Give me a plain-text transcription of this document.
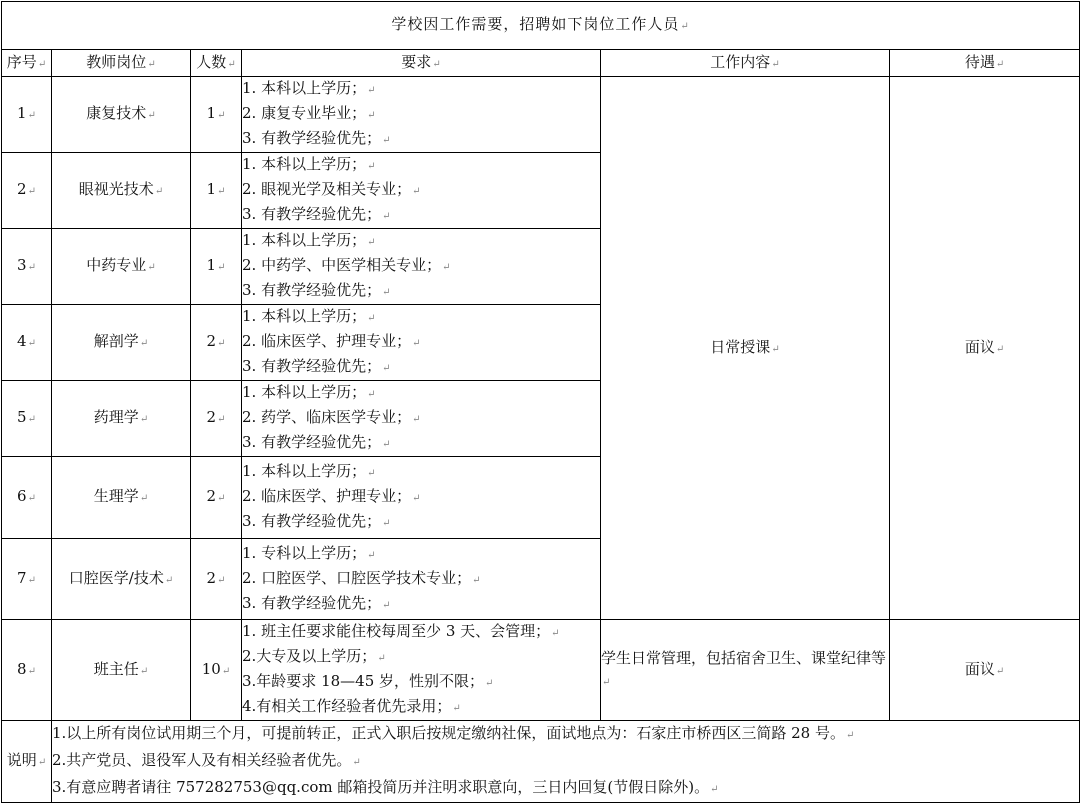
学校因工作需要，招聘如下岗位工作人员↵					
序号↵	教师岗位↵	人数↵	要求↵	工作内容↵	待遇↵
1↵	康复技术↵	1↵	1. 本科以上学历；↵
2. 康复专业毕业；↵
3. 有教学经验优先；↵	日常授课↵	面议↵
2↵	眼视光技术↵	1↵	1. 本科以上学历；↵
2. 眼视光学及相关专业；↵
3. 有教学经验优先；↵		

3↵	中药专业↵	1↵	1. 本科以上学历；↵
2. 中药学、中医学相关专业；↵
3. 有教学经验优先；↵		

4↵	解剖学↵	2↵	1. 本科以上学历；↵
2. 临床医学、护理专业；↵
3. 有教学经验优先；↵		

5↵	药理学↵	2↵	1. 本科以上学历；↵
2. 药学、临床医学专业；↵
3. 有教学经验优先；↵		

6↵	生理学↵	2↵	1. 本科以上学历；↵
2. 临床医学、护理专业；↵
3. 有教学经验优先；↵		

7↵	口腔医学/技术↵	2↵	1. 专科以上学历；↵
2. 口腔医学、口腔医学技术专业；↵
3. 有教学经验优先；↵		

8↵	班主任↵	10↵	1. 班主任要求能住校每周至少 3 天、会管理；↵
2.大专及以上学历；↵
3.年龄要求 18—45 岁，性别不限；↵
4.有相关工作经验者优先录用；↵	学生日常管理，包括宿舍卫生、课堂纪律等↵	面议↵
说明↵	1.以上所有岗位试用期三个月，可提前转正，正式入职后按规定缴纳社保，面试地点为：石家庄市桥西区三简路 28 号。↵
2.共产党员、退役军人及有相关经验者优先。↵
3.有意应聘者请往 757282753@qq.com 邮箱投简历并注明求职意向，三日内回复(节假日除外)。↵				
